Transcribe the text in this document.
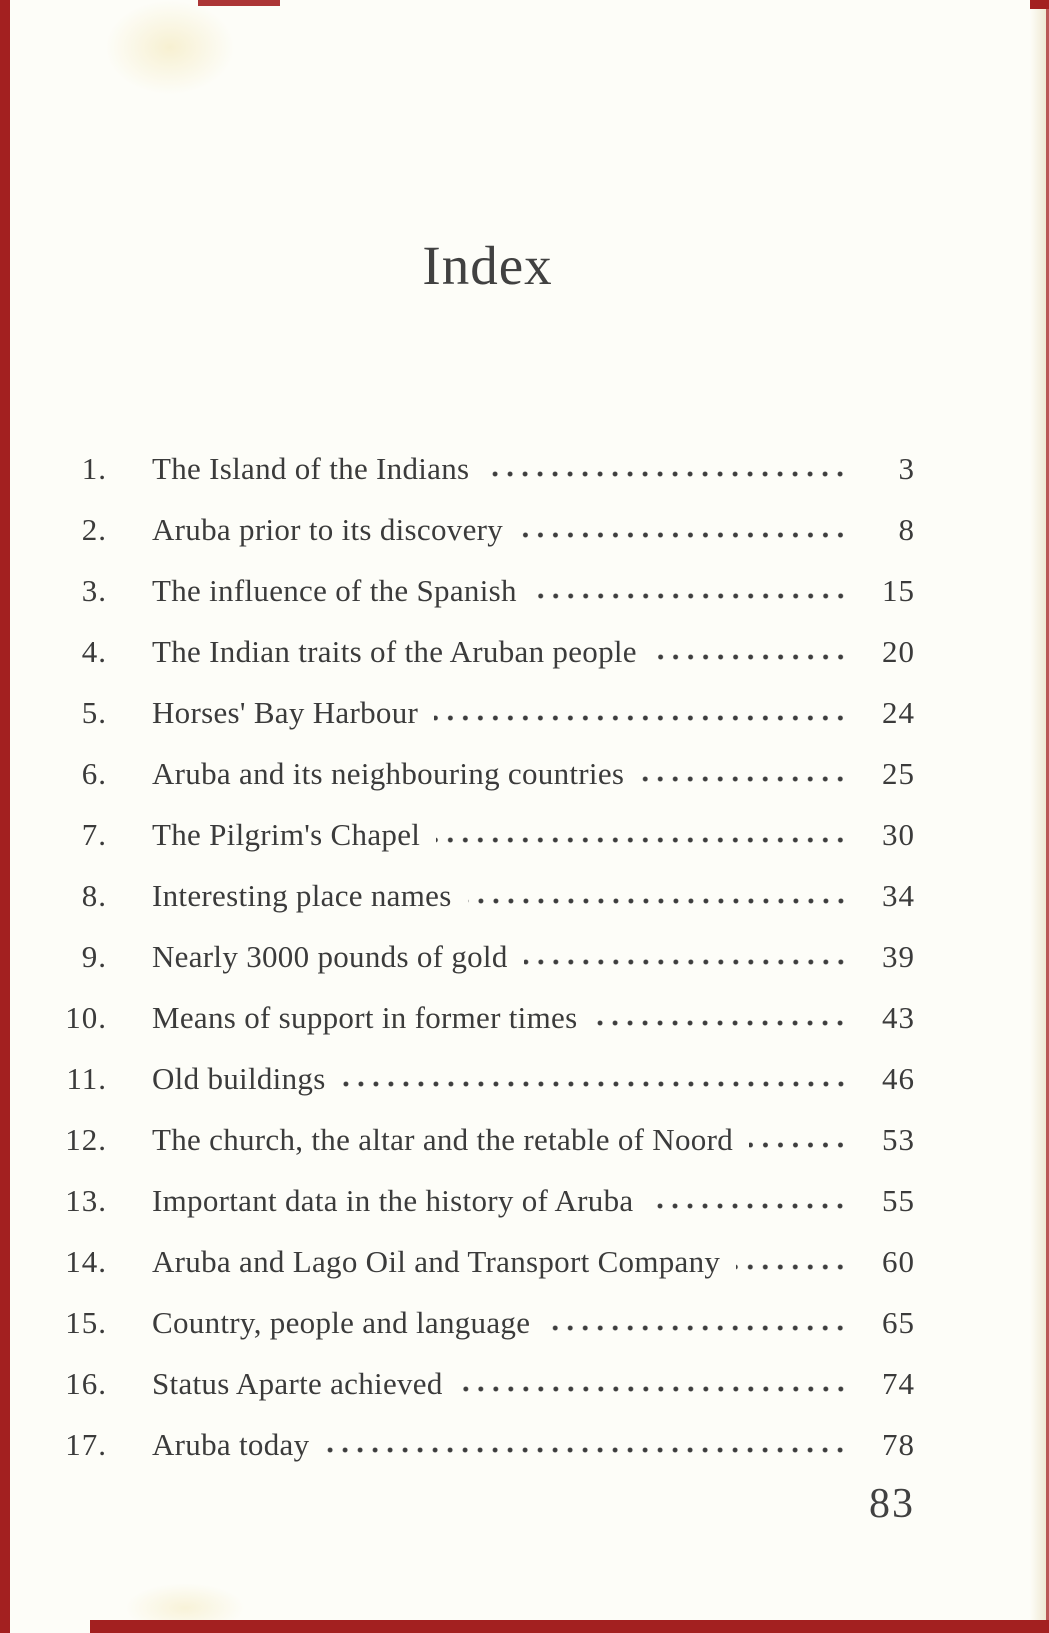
Index
1. The Island of the Indians	3
2. Aruba prior to its discovery	8
3. The influence of the Spanish	15
4. The Indian traits of the Aruban people	20
5. Horses' Bay Harbour	24
6. Aruba and its neighbouring countries	25
7. The Pilgrim's Chapel	30
8. Interesting place names	34
9. Nearly 3000 pounds of gold	39
10. Means of support in former times	43
11. Old buildings	46
12. The church, the altar and the retable of Noord	53
13. Important data in the history of Aruba	55
14. Aruba and Lago Oil and Transport Company	60
15. Country, people and language	65
16. Status Aparte achieved	74
17. Aruba today	78
83
